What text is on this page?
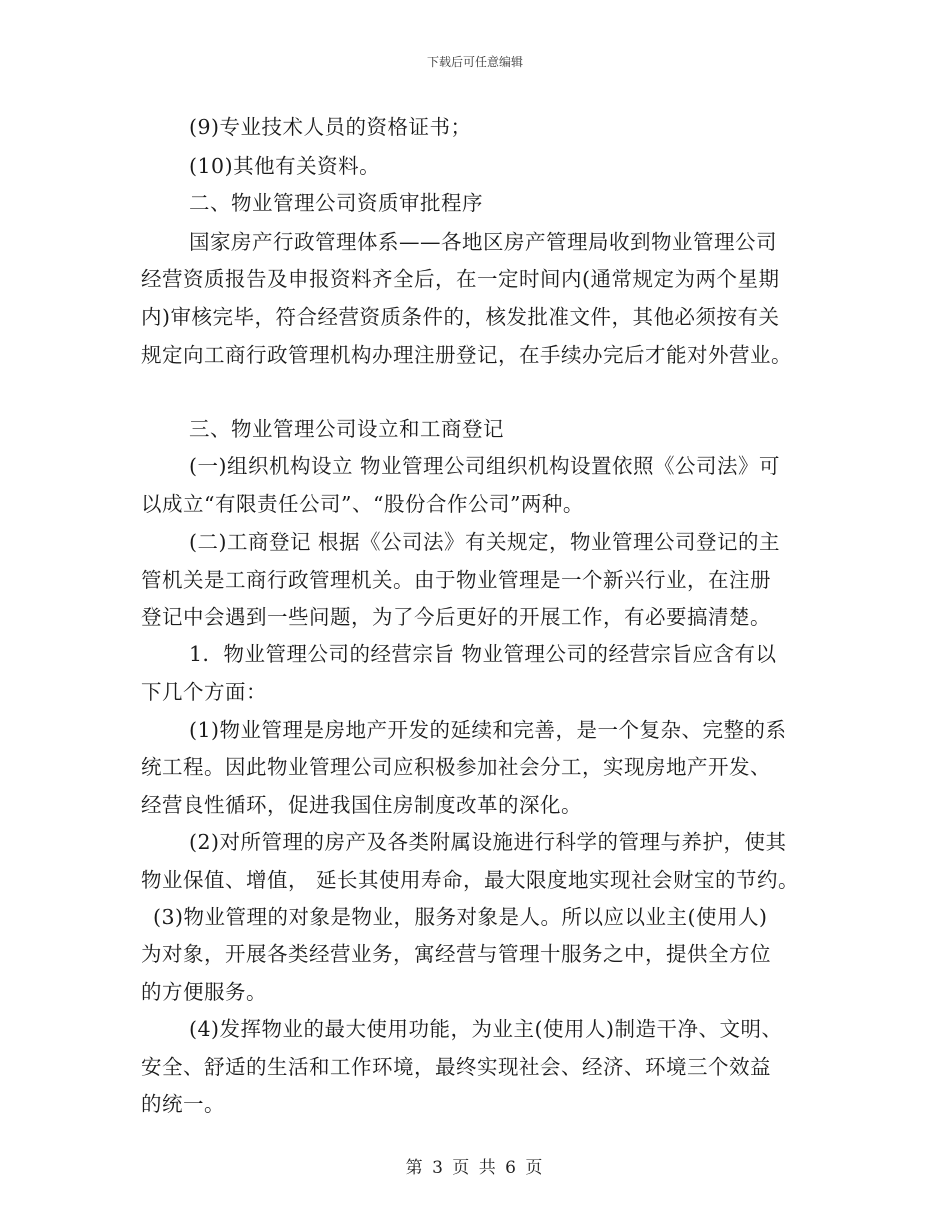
下载后可任意编辑
(9)专业技术人员的资格证书；
(10)其他有关资料。
二、物业管理公司资质审批程序
国家房产行政管理体系——各地区房产管理局收到物业管理公司
经营资质报告及申报资料齐全后，在一定时间内(通常规定为两个星期
内)审核完毕，符合经营资质条件的，核发批准文件，其他必须按有关
规定向工商行政管理机构办理注册登记，在手续办完后才能对外营业。
三、物业管理公司设立和工商登记
(一)组织机构设立 物业管理公司组织机构设置依照《公司法》可
以成立“有限责任公司”、“股份合作公司”两种。
(二)工商登记 根据《公司法》有关规定，物业管理公司登记的主
管机关是工商行政管理机关。由于物业管理是一个新兴行业，在注册
登记中会遇到一些问题，为了今后更好的开展工作，有必要搞清楚。
1．物业管理公司的经营宗旨 物业管理公司的经营宗旨应含有以
下几个方面：
(1)物业管理是房地产开发的延续和完善，是一个复杂、完整的系
统工程。因此物业管理公司应积极参加社会分工，实现房地产开发、
经营良性循环，促进我国住房制度改革的深化。
(2)对所管理的房产及各类附属设施进行科学的管理与养护，使其
物业保值、增值， 延长其使用寿命，最大限度地实现社会财宝的节约。
(3)物业管理的对象是物业，服务对象是人。所以应以业主(使用人)
为对象，开展各类经营业务，寓经营与管理十服务之中，提供全方位
的方便服务。
(4)发挥物业的最大使用功能，为业主(使用人)制造干净、文明、
安全、舒适的生活和工作环境，最终实现社会、经济、环境三个效益
的统一。
第 3 页 共 6 页
